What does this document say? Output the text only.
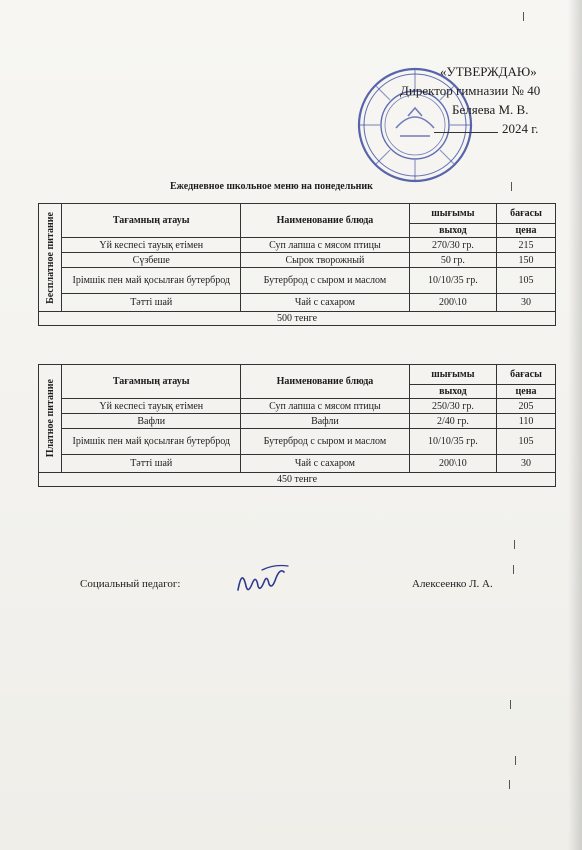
«УТВЕРЖДАЮ»
Директор гимназии № 40
Беляева М. В.
2024 г.
Ежедневное школьное меню на понедельник
Бесплатное питание	Тағамның атауы	Наименование блюда	шығымы	бағасы
			выход	цена
	Үй кеспесі тауық етімен	Суп лапша с мясом птицы	270/30 гр.	215
	Сүзбеше	Сырок творожный	50 гр.	150
	Ірімшік пен май қосылған бутерброд	Бутерброд с сыром и маслом	10/10/35 гр.	105
	Тәтті шай	Чай с сахаром	200\10	30
500 тенге				
Платное питание	Тағамның атауы	Наименование блюда	шығымы	бағасы
			выход	цена
	Үй кеспесі тауық етімен	Суп лапша с мясом птицы	250/30 гр.	205
	Вафли	Вафли	2/40 гр.	110
	Ірімшік пен май қосылған бутерброд	Бутерброд с сыром и маслом	10/10/35 гр.	105
	Тәтті шай	Чай с сахаром	200\10	30
450 тенге				
Социальный педагог:	Алексеенко Л. А.
